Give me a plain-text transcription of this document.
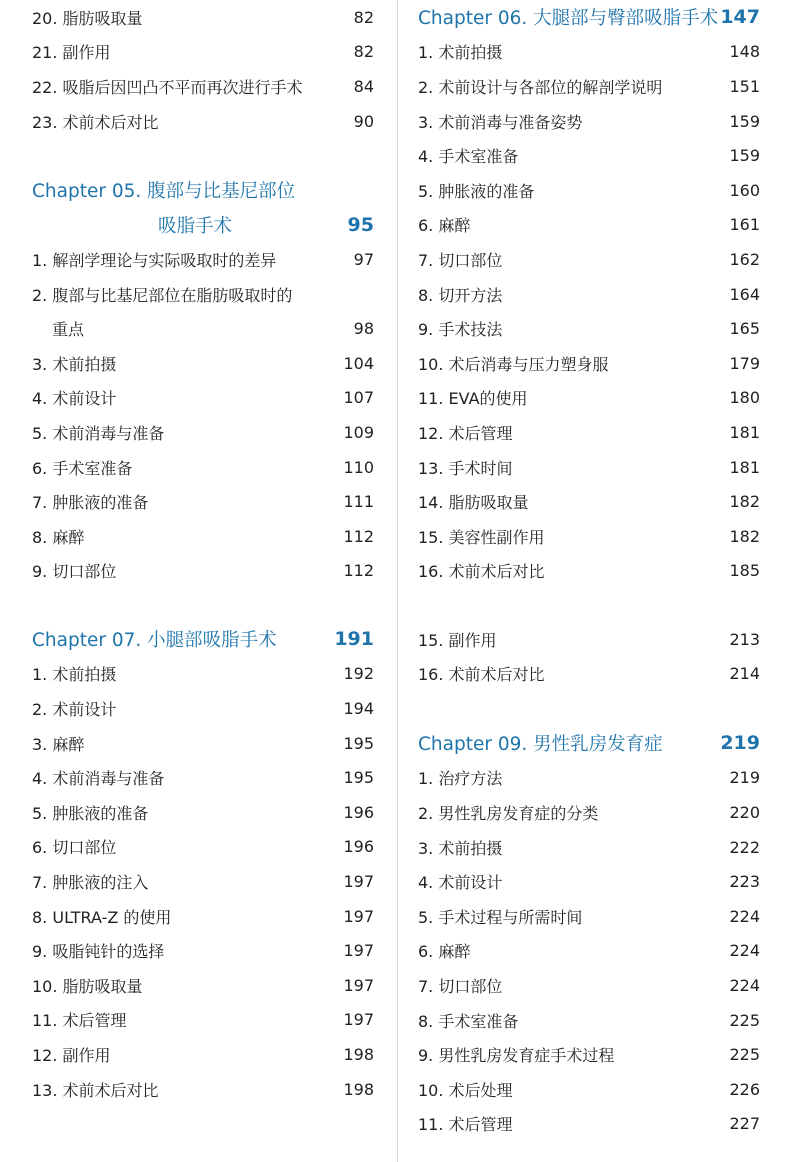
20. 脂肪吸取量	82
21. 副作用	82
22. 吸脂后因凹凸不平而再次进行手术	84
23. 术前术后对比	90
Chapter 05. 腹部与比基尼部位
吸脂手术	95
1. 解剖学理论与实际吸取时的差异	97
2. 腹部与比基尼部位在脂肪吸取时的
重点	98
3. 术前拍摄	104
4. 术前设计	107
5. 术前消毒与准备	109
6. 手术室准备	110
7. 肿胀液的准备	111
8. 麻醉	112
9. 切口部位	112
Chapter 07. 小腿部吸脂手术	191
1. 术前拍摄	192
2. 术前设计	194
3. 麻醉	195
4. 术前消毒与准备	195
5. 肿胀液的准备	196
6. 切口部位	196
7. 肿胀液的注入	197
8. ULTRA-Z 的使用	197
9. 吸脂钝针的选择	197
10. 脂肪吸取量	197
11. 术后管理	197
12. 副作用	198
13. 术前术后对比	198
Chapter 06. 大腿部与臀部吸脂手术 147
1. 术前拍摄	148
2. 术前设计与各部位的解剖学说明	151
3. 术前消毒与准备姿势	159
4. 手术室准备	159
5. 肿胀液的准备	160
6. 麻醉	161
7. 切口部位	162
8. 切开方法	164
9. 手术技法	165
10. 术后消毒与压力塑身服	179
11. EVA的使用	180
12. 术后管理	181
13. 手术时间	181
14. 脂肪吸取量	182
15. 美容性副作用	182
16. 术前术后对比	185
15. 副作用	213
16. 术前术后对比	214
Chapter 09. 男性乳房发育症	219
1. 治疗方法	219
2. 男性乳房发育症的分类	220
3. 术前拍摄	222
4. 术前设计	223
5. 手术过程与所需时间	224
6. 麻醉	224
7. 切口部位	224
8. 手术室准备	225
9. 男性乳房发育症手术过程	225
10. 术后处理	226
11. 术后管理	227
